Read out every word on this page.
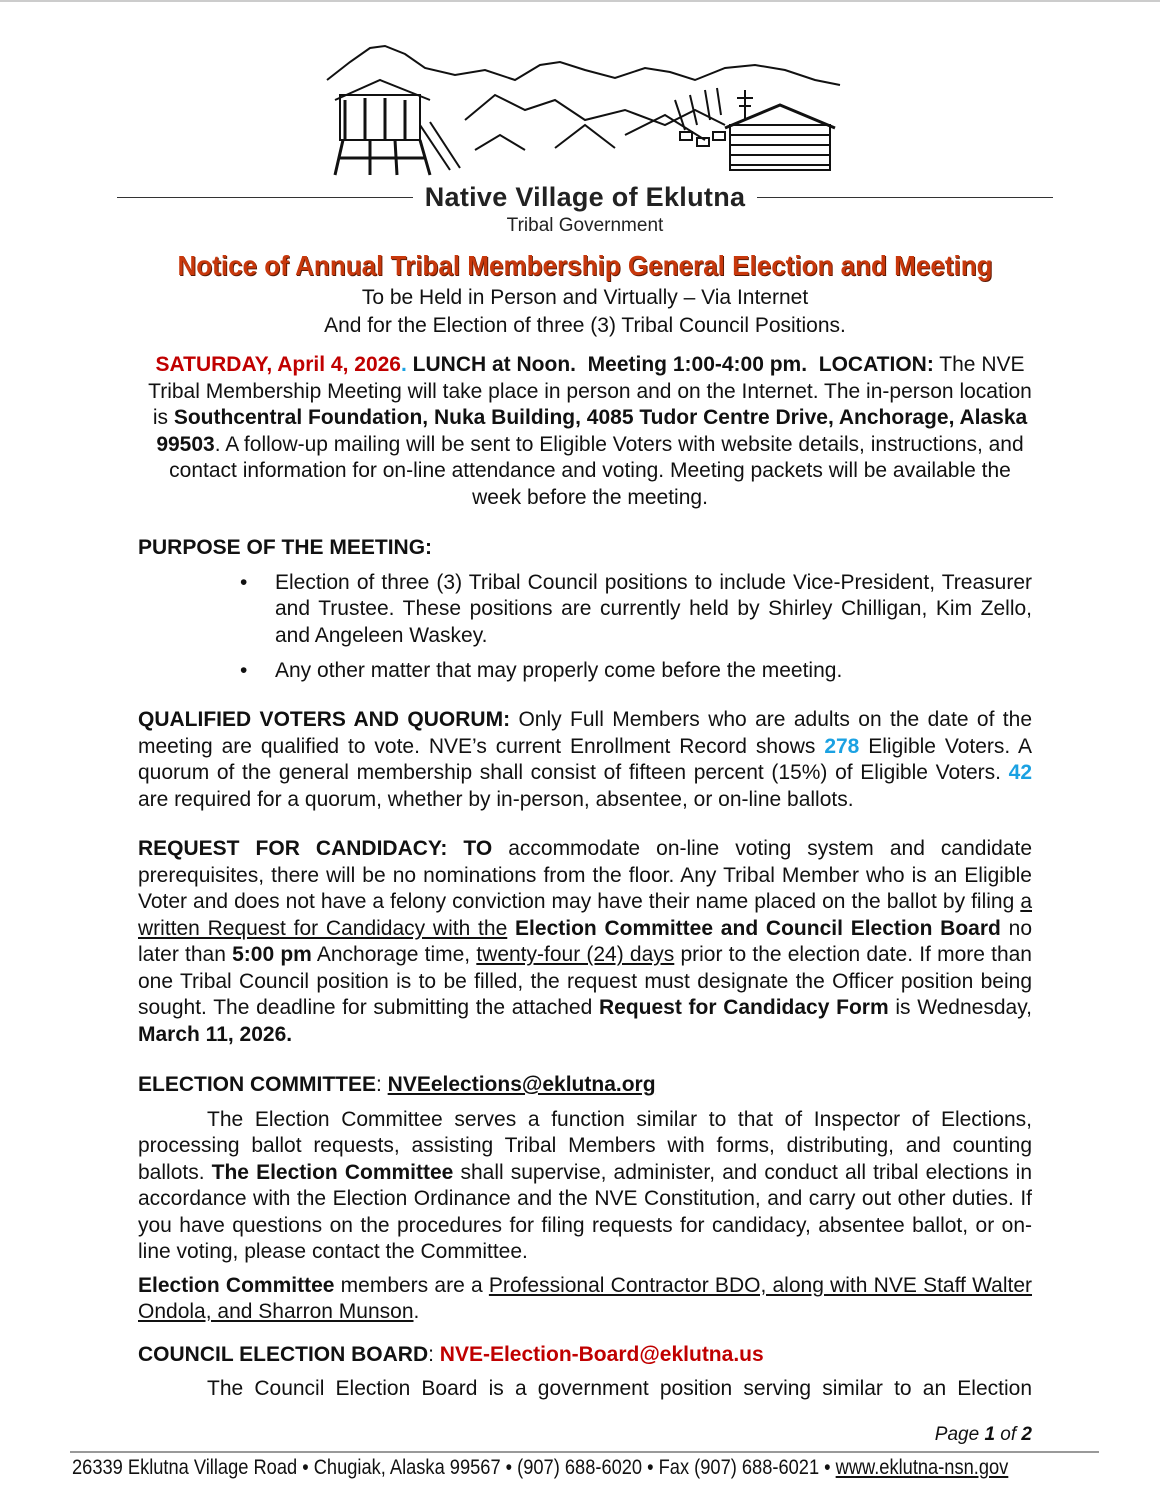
Native Village of Eklutna
Tribal Government
Notice of Annual Tribal Membership General Election and Meeting
To be Held in Person and Virtually – Via Internet
And for the Election of three (3) Tribal Council Positions.
SATURDAY, April 4, 2026. LUNCH at Noon. Meeting 1:00-4:00 pm. LOCATION: The NVE Tribal Membership Meeting will take place in person and on the Internet. The in-person location is Southcentral Foundation, Nuka Building, 4085 Tudor Centre Drive, Anchorage, Alaska 99503. A follow-up mailing will be sent to Eligible Voters with website details, instructions, and contact information for on-line attendance and voting. Meeting packets will be available the week before the meeting.
PURPOSE OF THE MEETING:
• Election of three (3) Tribal Council positions to include Vice-President, Treasurer and Trustee. These positions are currently held by Shirley Chilligan, Kim Zello, and Angeleen Waskey.
• Any other matter that may properly come before the meeting.
QUALIFIED VOTERS AND QUORUM: Only Full Members who are adults on the date of the meeting are qualified to vote. NVE’s current Enrollment Record shows 278 Eligible Voters. A quorum of the general membership shall consist of fifteen percent (15%) of Eligible Voters. 42 are required for a quorum, whether by in-person, absentee, or on-line ballots.
REQUEST FOR CANDIDACY: TO accommodate on-line voting system and candidate prerequisites, there will be no nominations from the floor. Any Tribal Member who is an Eligible Voter and does not have a felony conviction may have their name placed on the ballot by filing a written Request for Candidacy with the Election Committee and Council Election Board no later than 5:00 pm Anchorage time, twenty-four (24) days prior to the election date. If more than one Tribal Council position is to be filled, the request must designate the Officer position being sought. The deadline for submitting the attached Request for Candidacy Form is Wednesday, March 11, 2026.
ELECTION COMMITTEE: NVEelections@eklutna.org
The Election Committee serves a function similar to that of Inspector of Elections, processing ballot requests, assisting Tribal Members with forms, distributing, and counting ballots. The Election Committee shall supervise, administer, and conduct all tribal elections in accordance with the Election Ordinance and the NVE Constitution, and carry out other duties. If you have questions on the procedures for filing requests for candidacy, absentee ballot, or on-line voting, please contact the Committee.
Election Committee members are a Professional Contractor BDO, along with NVE Staff Walter Ondola, and Sharron Munson.
COUNCIL ELECTION BOARD: NVE-Election-Board@eklutna.us
The Council Election Board is a government position serving similar to an Election
Page 1 of 2
26339 Eklutna Village Road • Chugiak, Alaska 99567 • (907) 688-6020 • Fax (907) 688-6021 • www.eklutna-nsn.gov
